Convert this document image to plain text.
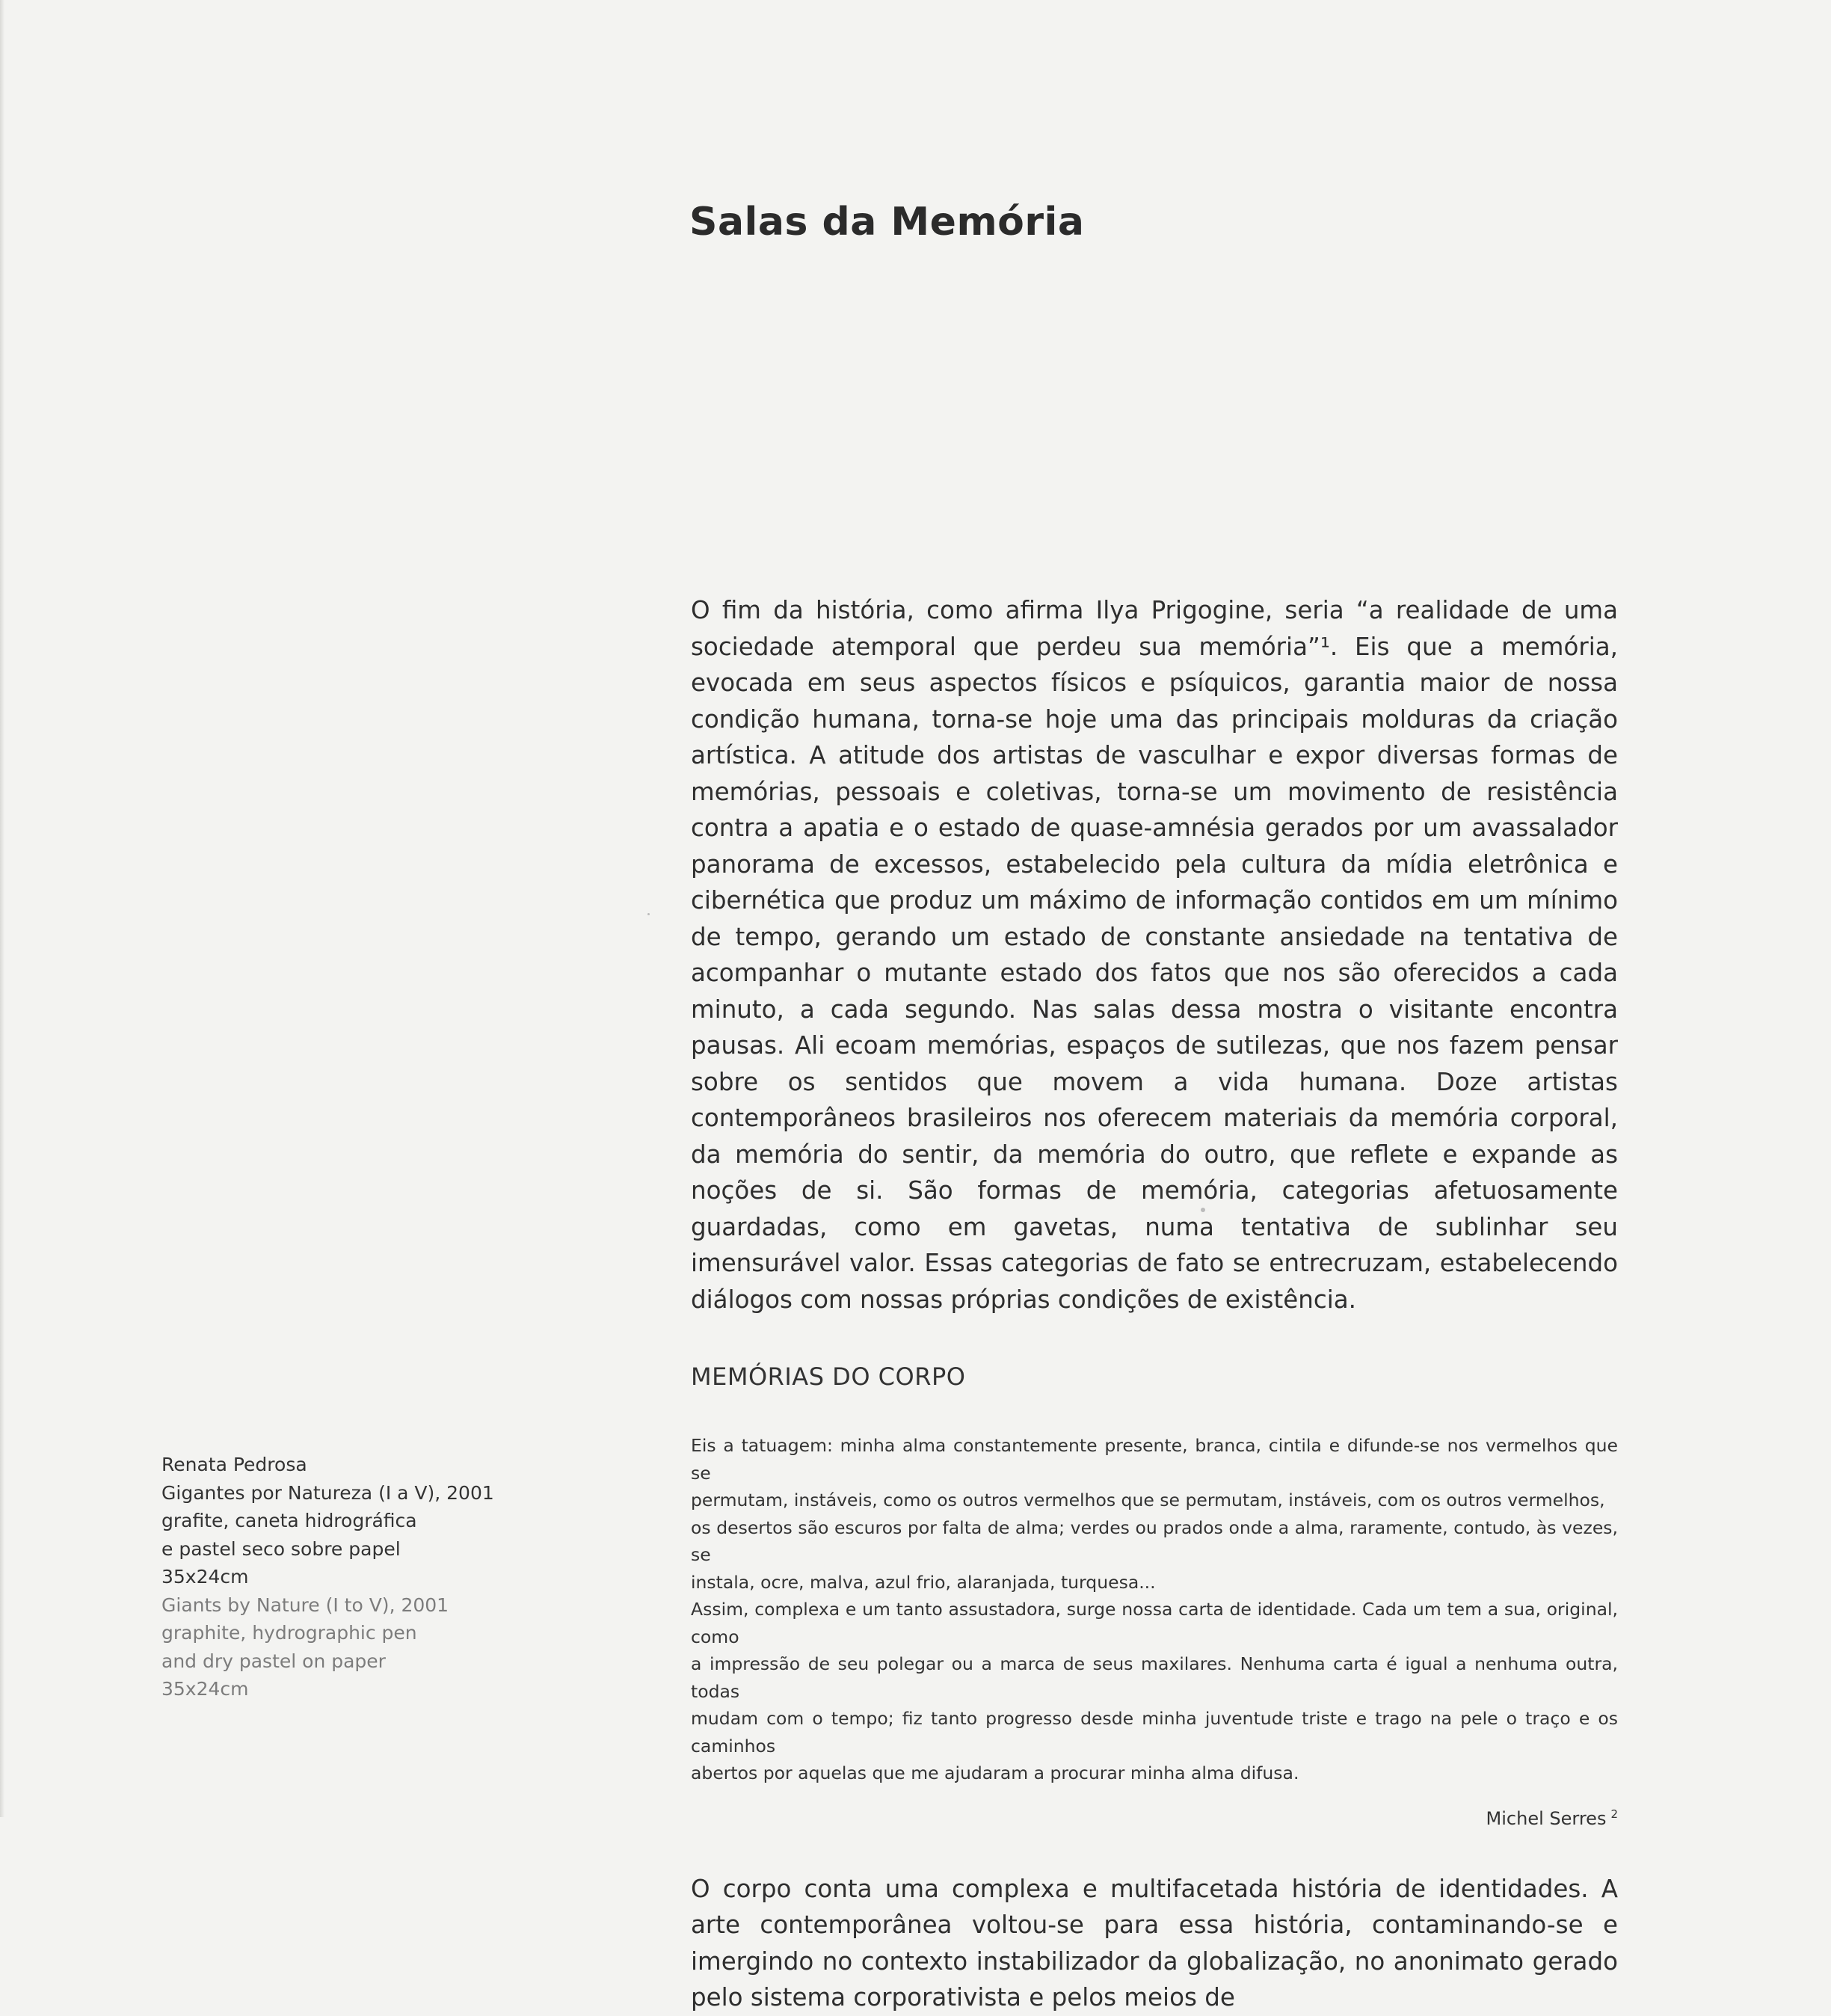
Salas da Memória

O fim da história, como afirma Ilya Prigogine, seria “a realidade de uma sociedade atemporal que perdeu sua memória”¹. Eis que a memória, evocada em seus aspectos físicos e psíquicos, garantia maior de nossa condição humana, torna-se hoje uma das principais molduras da criação artística. A atitude dos artistas de vasculhar e expor diversas formas de memórias, pessoais e coletivas, torna-se um movimento de resistência contra a apatia e o estado de quase-amnésia gerados por um avassalador panorama de excessos, estabelecido pela cultura da mídia eletrônica e cibernética que produz um máximo de informação contidos em um mínimo de tempo, gerando um estado de constante ansiedade na tentativa de acompanhar o mutante estado dos fatos que nos são oferecidos a cada minuto, a cada segundo. Nas salas dessa mostra o visitante encontra pausas. Ali ecoam memórias, espaços de sutilezas, que nos fazem pensar sobre os sentidos que movem a vida humana. Doze artistas contemporâneos brasileiros nos oferecem materiais da memória corporal, da memória do sentir, da memória do outro, que reflete e expande as noções de si. São formas de memória, categorias afetuosamente guardadas, como em gavetas, numa tentativa de sublinhar seu imensurável valor. Essas categorias de fato se entrecruzam, estabelecendo diálogos com nossas próprias condições de existência.

MEMÓRIAS DO CORPO

Eis a tatuagem: minha alma constantemente presente, branca, cintila e difunde-se nos vermelhos que se

permutam, instáveis, como os outros vermelhos que se permutam, instáveis, com os outros vermelhos,

os desertos são escuros por falta de alma; verdes ou prados onde a alma, raramente, contudo, às vezes, se

instala, ocre, malva, azul frio, alaranjada, turquesa...

Assim, complexa e um tanto assustadora, surge nossa carta de identidade. Cada um tem a sua, original, como

a impressão de seu polegar ou a marca de seus maxilares. Nenhuma carta é igual a nenhuma outra, todas

mudam com o tempo; fiz tanto progresso desde minha juventude triste e trago na pele o traço e os caminhos

abertos por aquelas que me ajudaram a procurar minha alma difusa.

Michel Serres $^2$

O corpo conta uma complexa e multifacetada história de identidades. A arte contemporânea voltou-se para essa história, contaminando-se e imergindo no contexto instabilizador da globalização, no anonimato gerado pelo sistema corporativista e pelos meios de

Renata Pedrosa
Gigantes por Natureza (I a V), 2001
grafite, caneta hidrográfica
e pastel seco sobre papel
35x24cm
Giants by Nature (I to V), 2001
graphite, hydrographic pen
and dry pastel on paper
35x24cm
